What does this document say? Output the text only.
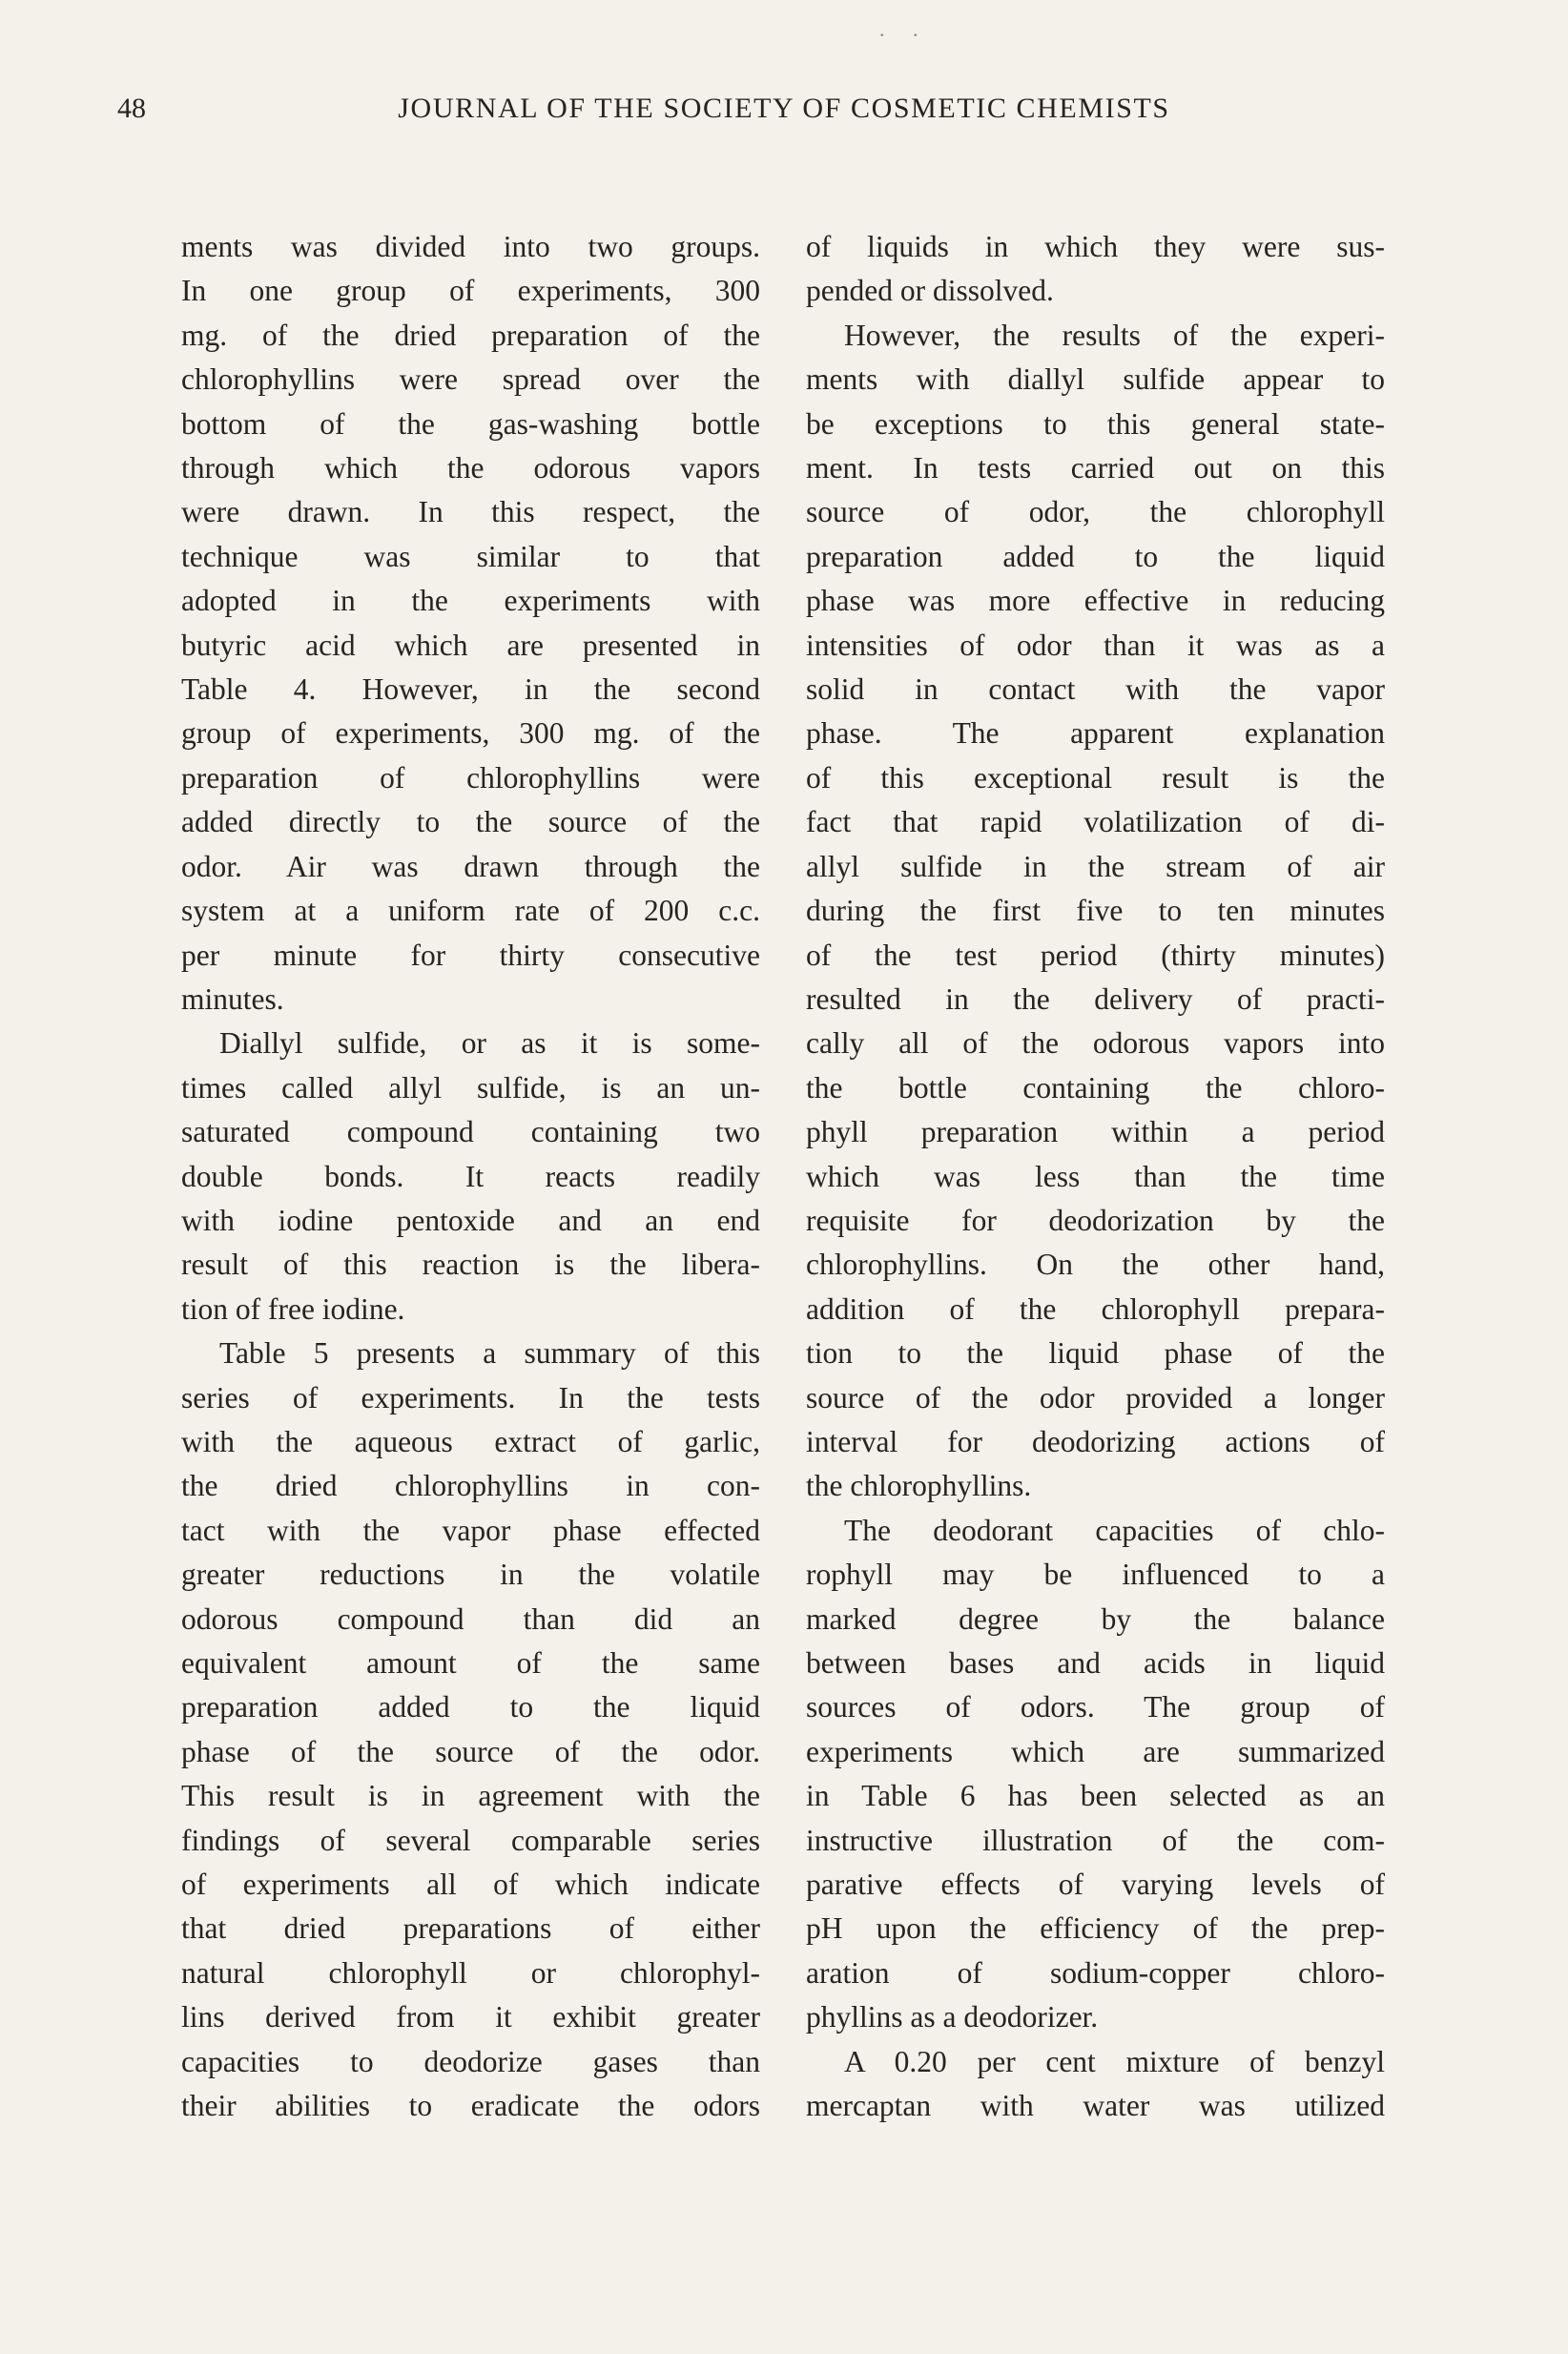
. .
48	JOURNAL OF THE SOCIETY OF COSMETIC CHEMISTS
ments was divided into two groups.
In one group of experiments, 300
mg. of the dried preparation of the
chlorophyllins were spread over the
bottom of the gas-washing bottle
through which the odorous vapors
were drawn. In this respect, the
technique was similar to that
adopted in the experiments with
butyric acid which are presented in
Table 4. However, in the second
group of experiments, 300 mg. of the
preparation of chlorophyllins were
added directly to the source of the
odor. Air was drawn through the
system at a uniform rate of 200 c.c.
per minute for thirty consecutive
minutes.
Diallyl sulfide, or as it is some-
times called allyl sulfide, is an un-
saturated compound containing two
double bonds. It reacts readily
with iodine pentoxide and an end
result of this reaction is the libera-
tion of free iodine.
Table 5 presents a summary of this
series of experiments. In the tests
with the aqueous extract of garlic,
the dried chlorophyllins in con-
tact with the vapor phase effected
greater reductions in the volatile
odorous compound than did an
equivalent amount of the same
preparation added to the liquid
phase of the source of the odor.
This result is in agreement with the
findings of several comparable series
of experiments all of which indicate
that dried preparations of either
natural chlorophyll or chlorophyl-
lins derived from it exhibit greater
capacities to deodorize gases than
their abilities to eradicate the odors
of liquids in which they were sus-
pended or dissolved.
However, the results of the experi-
ments with diallyl sulfide appear to
be exceptions to this general state-
ment. In tests carried out on this
source of odor, the chlorophyll
preparation added to the liquid
phase was more effective in reducing
intensities of odor than it was as a
solid in contact with the vapor
phase. The apparent explanation
of this exceptional result is the
fact that rapid volatilization of di-
allyl sulfide in the stream of air
during the first five to ten minutes
of the test period (thirty minutes)
resulted in the delivery of practi-
cally all of the odorous vapors into
the bottle containing the chloro-
phyll preparation within a period
which was less than the time
requisite for deodorization by the
chlorophyllins. On the other hand,
addition of the chlorophyll prepara-
tion to the liquid phase of the
source of the odor provided a longer
interval for deodorizing actions of
the chlorophyllins.
The deodorant capacities of chlo-
rophyll may be influenced to a
marked degree by the balance
between bases and acids in liquid
sources of odors. The group of
experiments which are summarized
in Table 6 has been selected as an
instructive illustration of the com-
parative effects of varying levels of
pH upon the efficiency of the prep-
aration of sodium-copper chloro-
phyllins as a deodorizer.
A 0.20 per cent mixture of benzyl
mercaptan with water was utilized
